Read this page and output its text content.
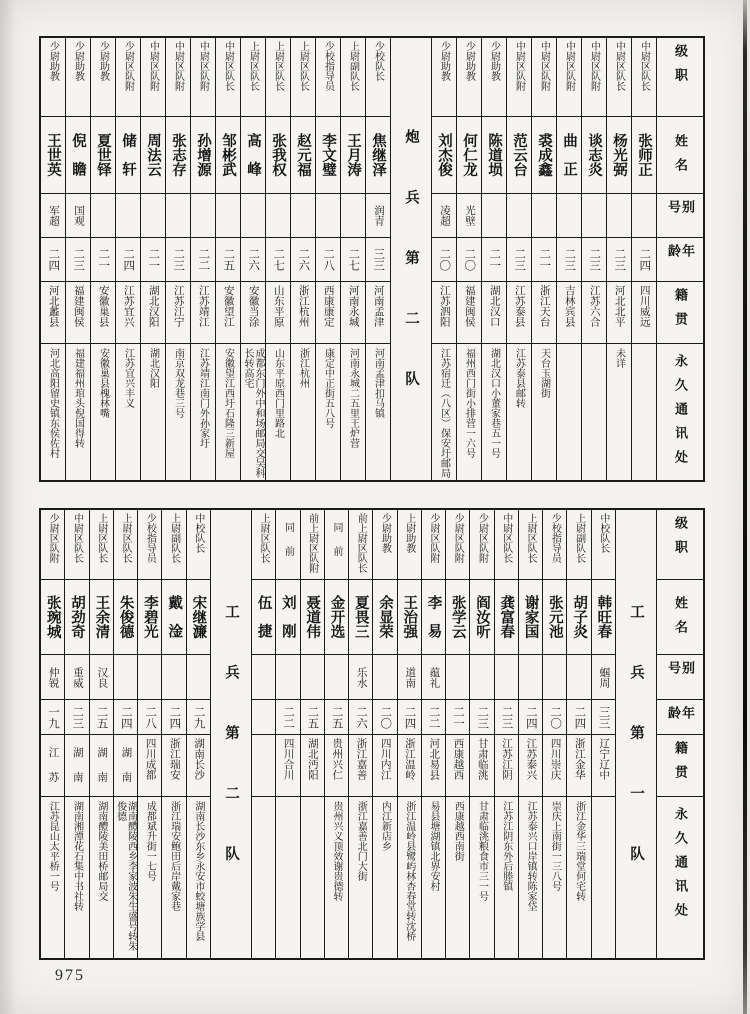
级职
姓名
别号
年龄
籍贯
永久通讯处
中尉区队长
张师正
二四
四川威远
中尉区队长
杨光弼
二三
河北北平
未详
中尉区队附
谈志炎
二三
江苏六合
中尉区队附
曲正
二三
吉林宾县
中尉区队附
裘成鑫
二一
浙江天台
天台玉湖街
中尉区队附
范云台
二三
江苏泰县
江苏泰县邮转
少尉助教
陈道埙
二一
湖北汉口
湖北汉口小董家巷五一号
少尉助教
何仁龙
光壁
二〇
福建闽侯
福州西门街小排营一六号
少尉助教
刘杰俊
凌超
二〇
江苏泗阳
江苏宿迁（八区）保安圩邮局
炮兵第二队
少校队长
焦继泽
润青
三三
河南孟津
河南孟津扣马镇
上尉副队长
王月涛
二七
河南永城
河南永城二五里王炉营
少校指导员
李文璧
二八
西康康定
康定中正街五八号
上尉区队长
赵元福
二六
浙江杭州
浙江杭州
上尉区队长
张我权
二七
山东平原
山东平原西门里路北
上尉区队长
高峰
二六
安徽当涂
成都东门外中和场邮局交吴科长转高宅
中尉区队长
邹彬武
二五
安徽望江
安徽望江西圩石隆三新屋
中尉区队附
孙增源
二二
江苏靖江
江苏靖江南门外孙家圩
中尉区队附
张志存
二三
江苏江宁
南京双龙巷三号
中尉区队附
周法云
二一
湖北汉阳
湖北汉阳
少尉区队附
储轩
二四
江苏宜兴
江苏宜兴丰义
少尉助教
夏世铎
二一
安徽巢县
安徽巢县槐林嘴
少尉助教
倪瞻
国观
二三
福建闽侯
福建福州琯头倪国得转
少尉助教
王世英
军超
二四
河北蠡县
河北高阳留史镇东侯佐村
级职
姓名
别号
年龄
籍贯
永久通讯处
工兵第一队
中校队长
韩旺春
蝈周
三三
辽宁辽中
上尉副队长
胡子炎
二四
浙江金华
浙江金华三瑞堂何宅转
少校指导员
张元池
二〇
四川崇庆
崇庆上南街一三八号
上尉区队长
谢家国
二四
江苏泰兴
江苏泰兴口岸镇转陈家垈
中尉区队长
龚富春
二三
江苏江阴
江苏江阴东外后塍镇
少尉区队附
阎汝听
二三
甘肃临洮
甘肃临洮粮食市三一号
少尉区队附
张学云
二一
西康越西
西康越西南街
少尉区队附
李易
蕴礼
二二
河北易县
易县塘湖镇北界安村
上尉助教
王治强
道南
二四
浙江温岭
浙江温岭县鹭屿林杏春堂转沈桥
少尉助教
余显荣
二〇
四川内江
内江新店乡
前上尉区队长
夏畏三
乐水
二六
浙江嘉善
浙江嘉善北门大街
同前
金开选
二五
贵州兴仁
贵州兴义顶效谢贵德转
前上尉区队附
聂道伟
二五
湖北沔阳
同前
刘刚
二二
四川合川
上尉区队长
伍捷
工兵第二队
中校队长
宋继濂
二九
湖南长沙
湖南长沙东乡永安市蛟塘族学县
上尉副队长
戴淦
二四
浙江瑞安
浙江瑞安鲍田后岸戴家巷
少校指导员
李碧光
二八
四川成都
成都斌升街一七号
上尉区队长
朱俊德
二四
湖南
湖南醴陵西乡李家波朱生盛号转朱俊德
上尉区队长
王余清
汉良
二五
湖南
湖南醴陵美田桥邮局交
中尉区队长
胡劲奇
重威
二三
湖南
湖南湘潭花石集中书社转
少尉区队附
张琬城
仲锐
一九
江苏
江苏昆山太平桥一号
975
